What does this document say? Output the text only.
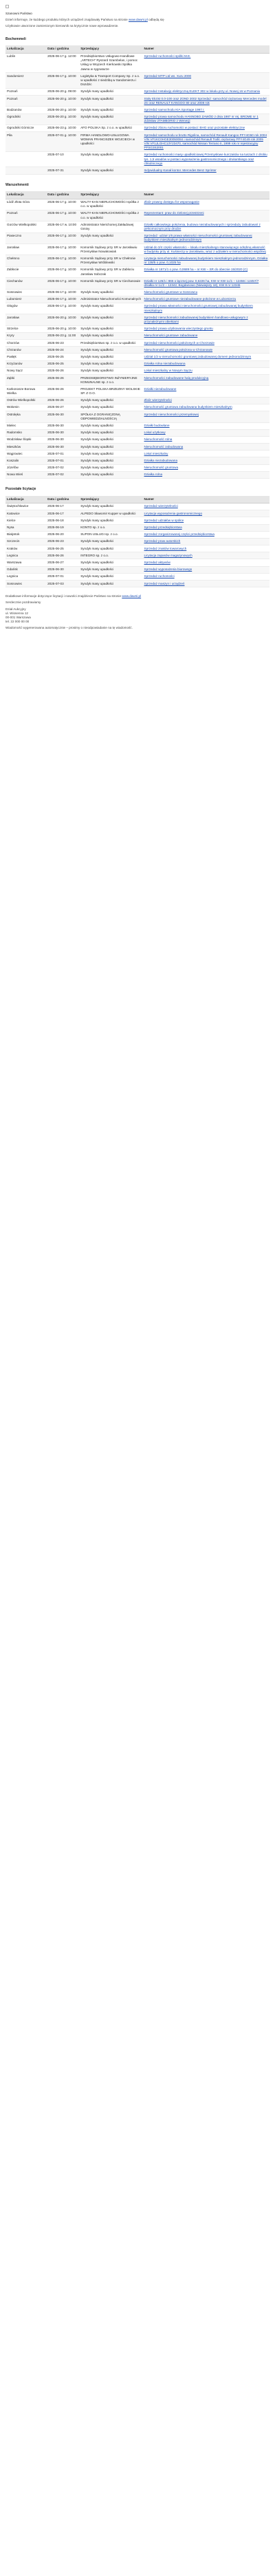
Szanowni Państwo

Dzień informuje, że każdego produktu których urządzeń znajdowały Państwo na stronie www.dawni.pl odbędą się

Użytkowie utworzone zamienionym kierownik na krytycznie nowe wprowadzenie.

Bochemmeli
Lokalizacja	Data i godzina	Sprzedający	Numer
Lublin	2025-06-17 g. 12:00	Przedsiębiorstwo Usługowo-Handlowe „ARTECH” Ryszard Szambelan, i pomoc Usług w Wojciech Kierkowski Spółka Jawna w sygnaturze	Sprzedaż ruchomości spółki M.E.
Sandomierz	2025-06-17 g. 10:00	Logistyka & Transport Company Sp. z o.o. w upadłości z siedzibą w Sandomierzu i Dozdzic	Sprzedaż MTP Ltd ws. Xuru 2000
Poznań	2025-06-20 g. 09:00	Syndyk masy upadłości	Sprzedaż Instalację elektryczną ELEKT 302 w lokalu przy ul. Nowej 16 w Poznaniu
Poznań	2025-06-20 g. 10:00	Syndyk masy upadłości	Stoły Ekzist 0.0-100 oraz ZOND 2002 Sprzedaż: samochód ciężarowy Mercedes model 2S oraz RENAULT KANGOO 80 oraz 2008 rok
Bodzanów	2025-06-20 g. 10:00	Syndyk masy upadłości	Sprzedaż samochodu KIA Sportage 1997 r.
Ogrodniki	2025-06-20 g. 10:00	Syndyk masy upadłości	Sprzedaż prawa samochodu HANNOBO ZAWÓD z dnia 1987 nr rej. BROME nr 1 Zdzisław 2TAMBORIO z Wenecji
Ogrodniki Górnicze	2025-06-23 g. 10:00	AFO POLSKA Sp. z o.o. w upadłości	Sprzedaż zbioru ruchomości w postaci: BHG oraz pozostałe elektryczne
Piła	2025-07-01 g. 10:00	FIRMA HANDLOWO-USŁUGOWA WOMAN FRANCISZEK WOJCIECH w upadłości	Sprzedaż samochodu w brutto Rigolina, samochód Renault Kangoo PFY4G50 rok 2004 VIN VF1KC0HGE30050084 i samochód Renault Trafic ciężarowy PFY4G49 rok 2005 VIN VF1JLGHC13Y23470, samochód Nissan Terrano II, 1999 rok nr rejestracyjny PFSG3S2001
	2025-07-10	Syndyk masy upadłości	Sprzedaż ruchomości masy upadłościowej Przemysłowe kurczaków na tuszach z drobiu tys. 1,5 wsadów w postaci wyposażenia gastronomicznego i drukarskiego oraz chłodniczego
	2025-07-31	Syndyk masy upadłości	Indywidualny Kanał kontor. Mercedes Benz Sprinter
Warszehmenti
Lokalizacja	Data i godzina	Sprzedający	Numer
Łódź Złota Góra	2025-06-17 g. 10:00	WALTY-KAN NIERUCHOMOŚCI spółka z o.o. w upadłości	Zbiór prawny dostępu for wspomaganie
Poznań	2025-06-17 g. 10:00	WALTY-KAN NIERUCHOMOŚCI spółka z o.o. w upadłości	Reprezentant: praw do zielonej przestrzeni
Gorzów Wielkopolski	2025-06-17 w. 10:00	Administrator Nierichomej Zakładowej Gminy	Działki całkowitego położenia, budowa niezabudowanych i sprzedaży zabudowań z pełnomocnym przy drodze
Piaseczno	2025-06-17 g. 10:00	Syndyk masy upadłości	Sprzedaż: udział 1/6 prawa własności nieruchomości gruntowej zabudowanej budynkiem mieszkalnym jednorodzinnym
Jarosław	2025-06-17 g. 10:00	Komornik Sądowy przy SR w Jarosławiu Przemysław Nowakowiak	Udział do 3/4 części własności – lokalu mieszkalnego stanowiącego odrębną własność w budynku przy ul. Kuśnierzy w Jarosławiu, wraz z udziałem w nieruchomości wspólnej
Chełmno	2025-06-17 g. 10:00	Komornik Sądowy przy SR w Chełmnie Przemysław Wróblewski	Licytacja nieruchomości zabudowanej budynkiem mieszkalnym jednorodzinnym, Działka nr 138/5 o pow. 0,1025 ha
Zabłocie	2025-06-17 g. 10:00	Komornik Sądowy przy SR w Zabłociu Jarosław Sobczak	Działka nr 1671/1 o pow. 0,0689 ha – nr KW – SR do obecnie 15/2020 (C)
Ciechanów	2025-06-17 g. 10:00	Komornik Sądowy przy SR w Ciechanowie	Działki nr 126/1 i 865 o łącznej pow. 0,6226 ha, KW nr KW 1c/1 – 12456 i 12457/7 działka nr 1c/2 – 12342, Bogdanowo (Niewiejszy 18), KW 8 nr 12345
Sosnowiec	2025-06-17 g. 10:00	Syndyk masy upadłości	Nieruchomości gruntowe w Sosnowcu
Lubomierz	2025-06-17 g. 10:00	Administrator Nieruchomości Komunalnych	Nieruchomości gruntowe niezabudowane położone w Lubomierzu
Głogów	2025-06-17 g. 10:00	Syndyk masy upadłości	Sprzedaż prawa własności nieruchomości gruntowej zabudowanej budynkiem mieszkalnym
Jarosław	2025-06-20 g. 10:00	Syndyk masy upadłości	Sprzedaż nieruchomości zabudowanej budynkiem handlowo-usługowym z przynależnymi obiektami
Strzelce	2025-06-20 g. 10:00	Syndyk masy upadłości	Sprzedaż prawa użytkowania wieczystego gruntu
Kryry	2025-06-23 g. 11:00	Syndyk masy upadłości	Nieruchomości gruntowe zabudowane
Chorzów	2025-06-23	Przedsiębiorstwo sp. z o.o. w upadłości	Sprzedaż nieruchomości położonych w Chorzowie
Chrzanów	2025-06-24	Syndyk masy upadłości	Nieruchomość gruntowa położona w Chrzanowie
Pasłęk	2025-06-25	Syndyk masy upadłości	Udział 1/2 w nieruchomości gruntowej zabudowanej domem jednorodzinnym
Krzyżanów	2025-06-25	Syndyk masy upadłości	Działka rolna niezabudowana
Nowy Sącz	2025-06-26	Syndyk masy upadłości	Lokal mieszkalny w Nowym Sączu
Ząbki	2025-06-26	PRZEDSIĘBIORSTWO INŻYNIERYJNE KOMUNALNE sp. z o.o.	Nieruchomości zabudowane halą produkcyjną
Karkonosze Borowa Wielka	2025-06-26	PROJEKT POLSKA BRZEZINY WOLSKIE SP. Z O.O.	Działki niezabudowane
Ostrów Wielkopolski	2025-06-26	Syndyk masy upadłości	Zbiór wierzytelności
Wołomin	2025-06-27	Syndyk masy upadłości	Nieruchomość gruntowa zabudowana budynkiem mieszkalnym
Ostrołęka	2025-06-30	SPÓŁKA Z OGRANICZONĄ ODPOWIEDZIALNOŚCIĄ	Sprzedaż nieruchomości przemysłowej
Mielec	2025-06-30	Syndyk masy upadłości	Działki budowlane
Radomsko	2025-06-30	Syndyk masy upadłości	Lokal użytkowy
Wodzisław Śląski	2025-06-30	Syndyk masy upadłości	Nieruchomość rolna
Mieszków	2025-06-30	Syndyk masy upadłości	Nieruchomość zabudowana
Wągrowiec	2025-07-01	Syndyk masy upadłości	Lokal mieszkalny
Koszalin	2025-07-01	Syndyk masy upadłości	Działka niezabudowana
Józefów	2025-07-02	Syndyk masy upadłości	Nieruchomość gruntowa
Nowa Wieś	2025-07-02	Syndyk masy upadłości	Działka rolna
Pozostałe licytacje
Lokalizacja	Data i godzina	Sprzedający	Numer
Świętochłowice	2025-06-17	Syndyk masy upadłości	Sprzedaż wierzytelności
Katowice	2025-06-17	ALPEDO Sławomir Kupper w upadłości	Licytacja wyposażenia gastronomicznego
Kielce	2025-06-18	Syndyk masy upadłości	Sprzedaż udziałów w spółce
Nysa	2025-06-19	KONTO sp. z o.o.	Sprzedaż przedsiębiorstwa
Białystok	2025-06-20	SUPON USŁUGI sp. z o.o.	Sprzedaż zorganizowanej części przedsiębiorstwa
Szczecin	2025-06-23	Syndyk masy upadłości	Sprzedaż praw autorskich
Kraków	2025-06-25	Syndyk masy upadłości	Sprzedaż znaków towarowych
Legnica	2025-06-26	INTEGRO sp. z o.o.	Licytacja zapasów magazynowych
Warszawa	2025-06-27	Syndyk masy upadłości	Sprzedaż aktywów
Gdańsk	2025-06-30	Syndyk masy upadłości	Sprzedaż wyposażenia biurowego
Legnica	2025-07-01	Syndyk masy upadłości	Sprzedaż ruchomości
Sosnowiec	2025-07-03	Syndyk masy upadłości	Sprzedaż maszyn i urządzeń

Dodatkowe informacje dotyczące licytacji i nowości znajdziecie Państwo na stronie www.dawni.pl

Serdecznie pozdrawiamy

Dział Aukcyjny

ul. Wiosenna 12

00-001 Warszawa

tel. 22 000 00 00

Wiadomość wygenerowana automatycznie – prosimy o nieodpowiadanie na tę wiadomość.
